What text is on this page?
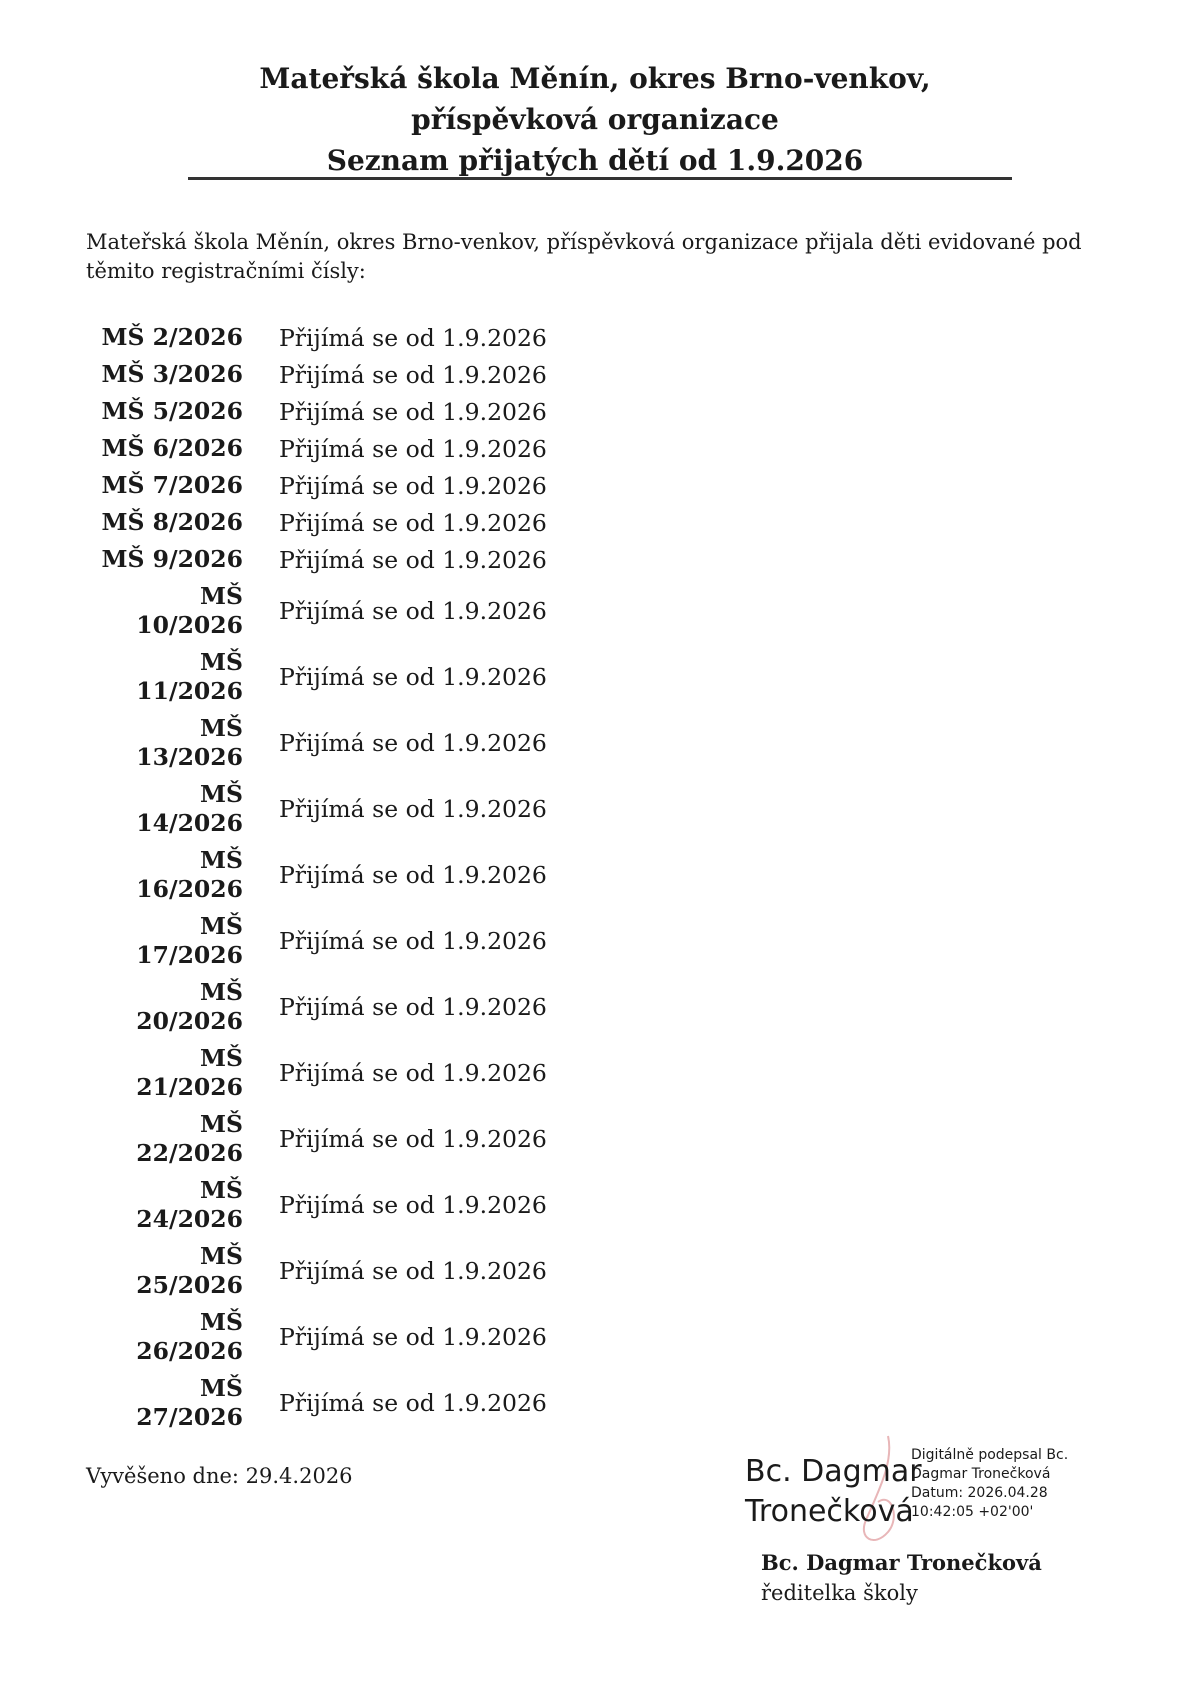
Mateřská škola Měnín, okres Brno-venkov,
příspěvková organizace
Seznam přijatých dětí od 1.9.2026
Mateřská škola Měnín, okres Brno-venkov, příspěvková organizace přijala děti evidované pod těmito registračními čísly:
MŠ 2/2026 Přijímá se od 1.9.2026
MŠ 3/2026 Přijímá se od 1.9.2026
MŠ 5/2026 Přijímá se od 1.9.2026
MŠ 6/2026 Přijímá se od 1.9.2026
MŠ 7/2026 Přijímá se od 1.9.2026
MŠ 8/2026 Přijímá se od 1.9.2026
MŠ 9/2026 Přijímá se od 1.9.2026
MŠ
10/2026 Přijímá se od 1.9.2026
MŠ
11/2026 Přijímá se od 1.9.2026
MŠ
13/2026 Přijímá se od 1.9.2026
MŠ
14/2026 Přijímá se od 1.9.2026
MŠ
16/2026 Přijímá se od 1.9.2026
MŠ
17/2026 Přijímá se od 1.9.2026
MŠ
20/2026 Přijímá se od 1.9.2026
MŠ
21/2026 Přijímá se od 1.9.2026
MŠ
22/2026 Přijímá se od 1.9.2026
MŠ
24/2026 Přijímá se od 1.9.2026
MŠ
25/2026 Přijímá se od 1.9.2026
MŠ
26/2026 Přijímá se od 1.9.2026
MŠ
27/2026 Přijímá se od 1.9.2026
Vyvěšeno dne: 29.4.2026	Bc. Dagmar
Tronečková
Digitálně podepsal Bc.
Dagmar Tronečková
Datum: 2026.04.28
10:42:05 +02'00'
Bc. Dagmar Tronečková
ředitelka školy
